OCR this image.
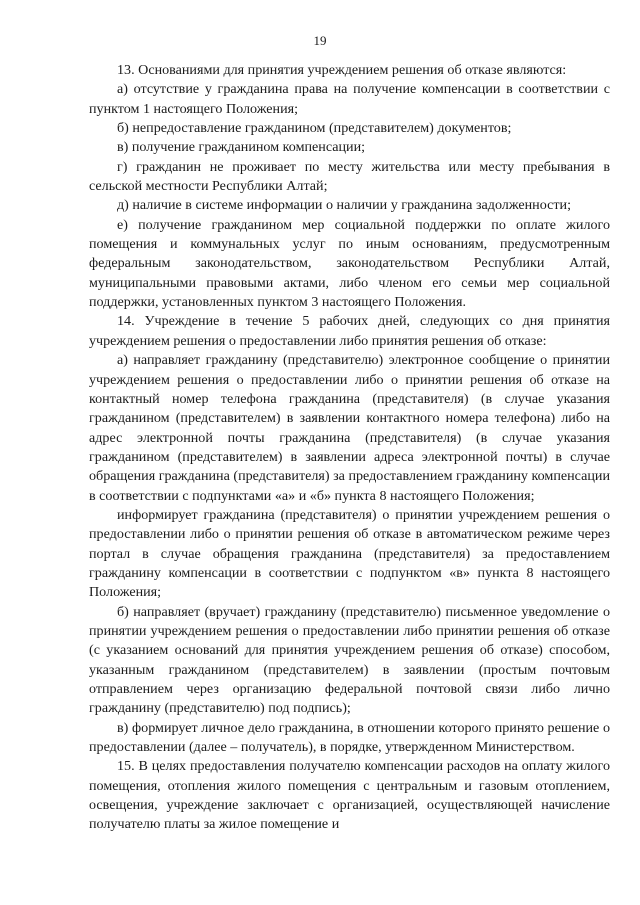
19

13. Основаниями для принятия учреждением решения об отказе являются:

а) отсутствие у гражданина права на получение компенсации в соответствии с пунктом 1 настоящего Положения;

б) непредоставление гражданином (представителем) документов;

в) получение гражданином компенсации;

г) гражданин не проживает по месту жительства или месту пребывания в сельской местности Республики Алтай;

д) наличие в системе информации о наличии у гражданина задолженности;

е) получение гражданином мер социальной поддержки по оплате жилого помещения и коммунальных услуг по иным основаниям, предусмотренным федеральным законодательством, законодательством Республики Алтай, муниципальными правовыми актами, либо членом его семьи мер социальной поддержки, установленных пунктом 3 настоящего Положения.

14. Учреждение в течение 5 рабочих дней, следующих со дня принятия учреждением решения о предоставлении либо принятия решения об отказе:

а) направляет гражданину (представителю) электронное сообщение о принятии учреждением решения о предоставлении либо о принятии решения об отказе на контактный номер телефона гражданина (представителя) (в случае указания гражданином (представителем) в заявлении контактного номера телефона) либо на адрес электронной почты гражданина (представителя) (в случае указания гражданином (представителем) в заявлении адреса электронной почты) в случае обращения гражданина (представителя) за предоставлением гражданину компенсации в соответствии с подпунктами «а» и «б» пункта 8 настоящего Положения;

информирует гражданина (представителя) о принятии учреждением решения о предоставлении либо о принятии решения об отказе в автоматическом режиме через портал в случае обращения гражданина (представителя) за предоставлением гражданину компенсации в соответствии с подпунктом «в» пункта 8 настоящего Положения;

б) направляет (вручает) гражданину (представителю) письменное уведомление о принятии учреждением решения о предоставлении либо принятии решения об отказе (с указанием оснований для принятия учреждением решения об отказе) способом, указанным гражданином (представителем) в заявлении (простым почтовым отправлением через организацию федеральной почтовой связи либо лично гражданину (представителю) под подпись);

в) формирует личное дело гражданина, в отношении которого принято решение о предоставлении (далее – получатель), в порядке, утвержденном Министерством.

15. В целях предоставления получателю компенсации расходов на оплату жилого помещения, отопления жилого помещения с центральным и газовым отоплением, освещения, учреждение заключает с организацией, осуществляющей начисление получателю платы за жилое помещение и
